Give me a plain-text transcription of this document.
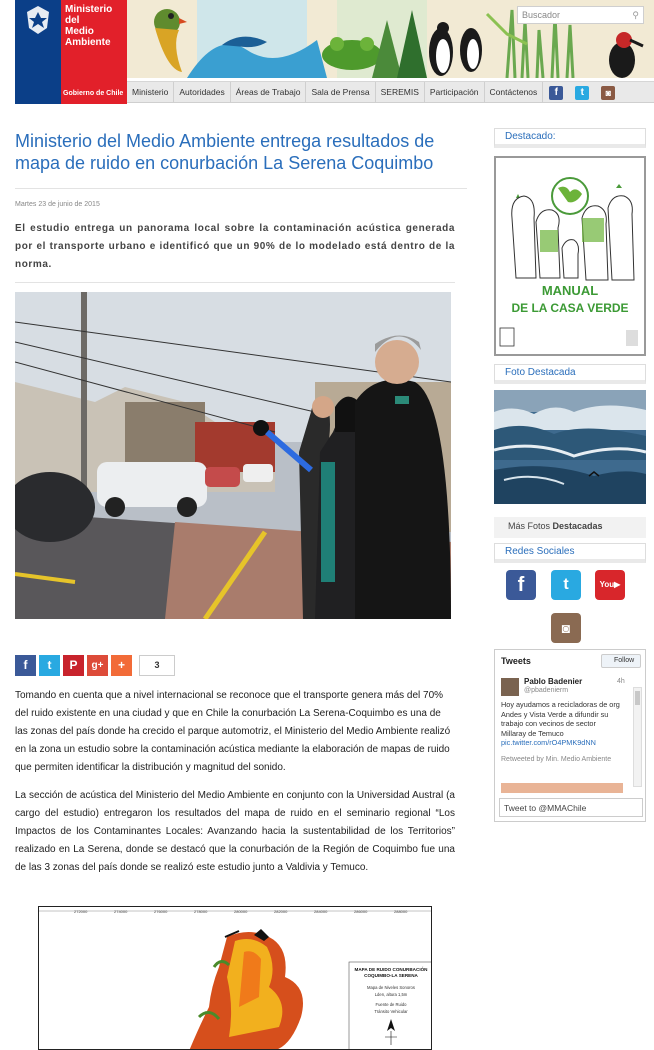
Ministerio del
Medio
Ambiente
Gobierno de Chile
Buscador	⚲
Ministerio	Autoridades	Áreas de Trabajo	Sala de Prensa	SEREMIS	Participación	Contáctenos	f	t	◙
Ministerio del Medio Ambiente entrega resultados de mapa de ruido en conurbación La Serena Coquimbo
Martes 23 de junio de 2015
El estudio entrega un panorama local sobre la contaminación acústica generada por el transporte urbano e identificó que un 90% de lo modelado está dentro de la norma.
f	t	P	g+	+	3

Tomando en cuenta que a nivel internacional se reconoce que el transporte genera más del 70% del ruido existente en una ciudad y que en Chile la conurbación La Serena-Coquimbo es una de las zonas del país donde ha crecido el parque automotriz, el Ministerio del Medio Ambiente realizó en la zona un estudio sobre la contaminación acústica mediante la elaboración de mapas de ruido que permiten identificar la distribución y magnitud del sonido.

La sección de acústica del Ministerio del Medio Ambiente en conjunto con la Universidad Austral (a cargo del estudio) entregaron los resultados del mapa de ruido en el seminario regional “Los Impactos de los Contaminantes Locales: Avanzando hacia la sustentabilidad de los Territorios” realizado en La Serena, donde se destacó que la conurbación de la Región de Coquimbo fue una de las 3 zonas del país donde se realizó este estudio junto a Valdivia y Temuco.

272000	274000	276000	278000	280000	282000	284000	286000	288000
MAPA DE RUIDO CONURBACIÓN COQUIMBO-LA SERENA
Mapa de Niveles Sonoros
Lden, altura 1,5m
Fuente de Ruido
Tránsito Vehicular
Destacado:
MANUAL
DE LA CASA VERDE
Foto Destacada
Más Fotos Destacadas
Redes Sociales
f	t	You▶
◙
Tweets	Follow
Pablo Badenier
@pbadenierm
4h
Hoy ayudamos a recicladoras de org Andes y Vista Verde a difundir su trabajo con vecinos de sector Millaray de Temuco pic.twitter.com/rO4PMK9dNN
Retweeted by Min. Medio Ambiente
Tweet to @MMAChile
